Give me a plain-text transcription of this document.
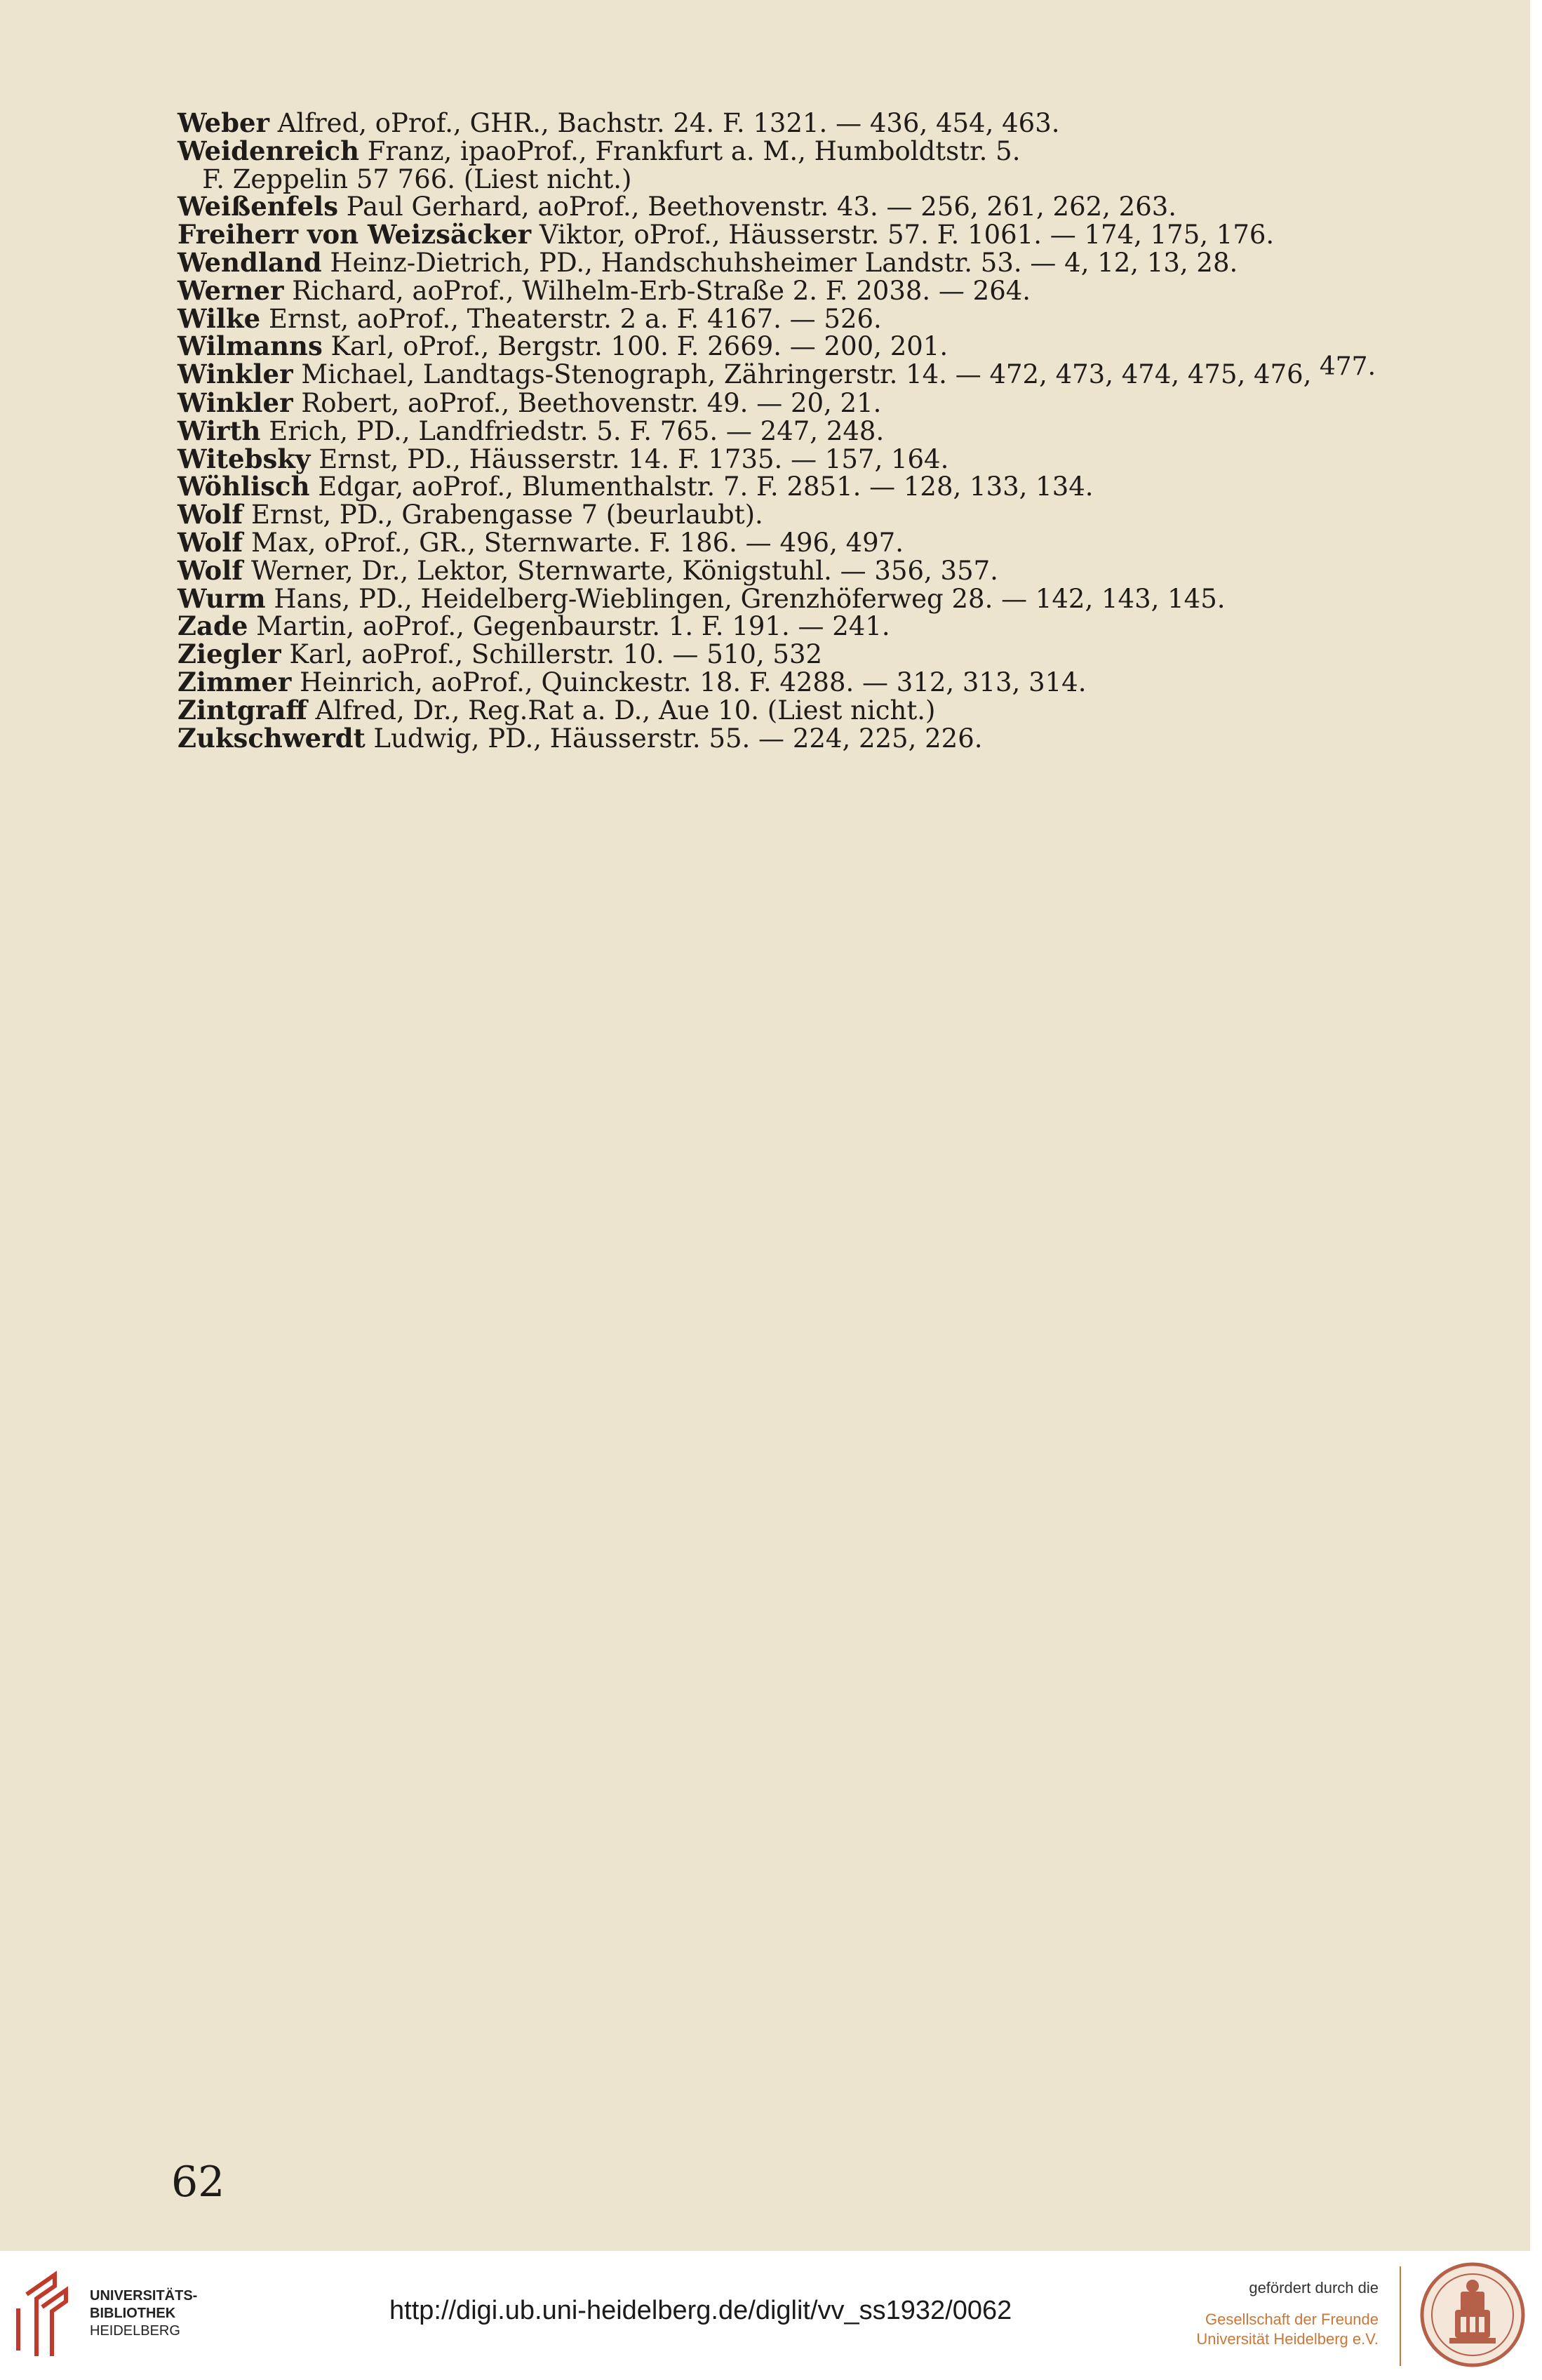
Weber Alfred, oProf., GHR., Bachstr. 24. F. 1321. — 436, 454, 463.
Weidenreich Franz, ipaoProf., Frankfurt a. M., Humboldtstr. 5.
F. Zeppelin 57 766. (Liest nicht.)
Weißenfels Paul Gerhard, aoProf., Beethovenstr. 43. — 256, 261, 262, 263.
Freiherr von Weizsäcker Viktor, oProf., Häusserstr. 57. F. 1061. — 174, 175, 176.
Wendland Heinz-Dietrich, PD., Handschuhsheimer Landstr. 53. — 4, 12, 13, 28.
Werner Richard, aoProf., Wilhelm-Erb-Straße 2. F. 2038. — 264.
Wilke Ernst, aoProf., Theaterstr. 2 a. F. 4167. — 526.
Wilmanns Karl, oProf., Bergstr. 100. F. 2669. — 200, 201.
Winkler Michael, Landtags-Stenograph, Zähringerstr. 14. — 472, 473, 474, 475, 476, 477.
Winkler Robert, aoProf., Beethovenstr. 49. — 20, 21.
Wirth Erich, PD., Landfriedstr. 5. F. 765. — 247, 248.
Witebsky Ernst, PD., Häusserstr. 14. F. 1735. — 157, 164.
Wöhlisch Edgar, aoProf., Blumenthalstr. 7. F. 2851. — 128, 133, 134.
Wolf Ernst, PD., Grabengasse 7 (beurlaubt).
Wolf Max, oProf., GR., Sternwarte. F. 186. — 496, 497.
Wolf Werner, Dr., Lektor, Sternwarte, Königstuhl. — 356, 357.
Wurm Hans, PD., Heidelberg-Wieblingen, Grenzhöferweg 28. — 142, 143, 145.
Zade Martin, aoProf., Gegenbaurstr. 1. F. 191. — 241.
Ziegler Karl, aoProf., Schillerstr. 10. — 510, 532
Zimmer Heinrich, aoProf., Quinckestr. 18. F. 4288. — 312, 313, 314.
Zintgraff Alfred, Dr., Reg.Rat a. D., Aue 10. (Liest nicht.)
Zukschwerdt Ludwig, PD., Häusserstr. 55. — 224, 225, 226.
62
UNIVERSITÄTS-
BIBLIOTHEK
HEIDELBERG
http://digi.ub.uni-heidelberg.de/diglit/vv_ss1932/0062
gefördert durch die
Gesellschaft der Freunde
Universität Heidelberg e.V.
